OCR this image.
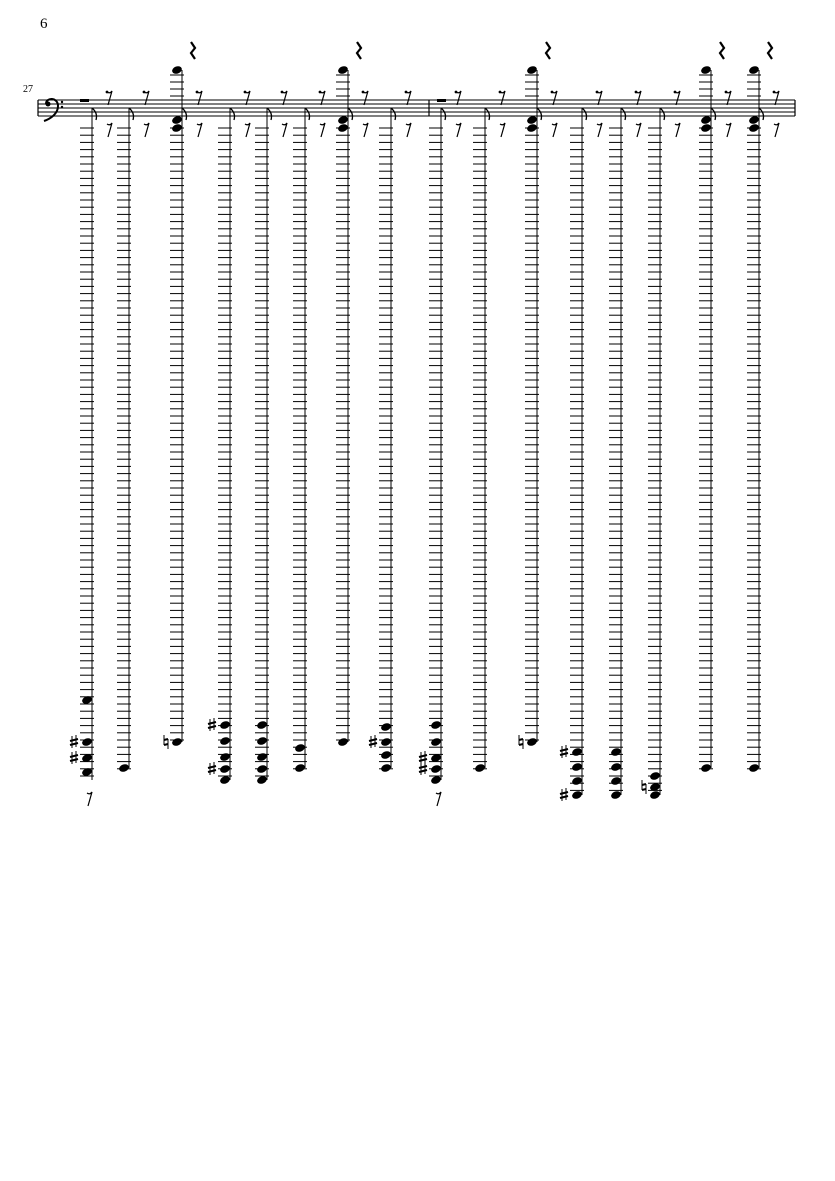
6
27
